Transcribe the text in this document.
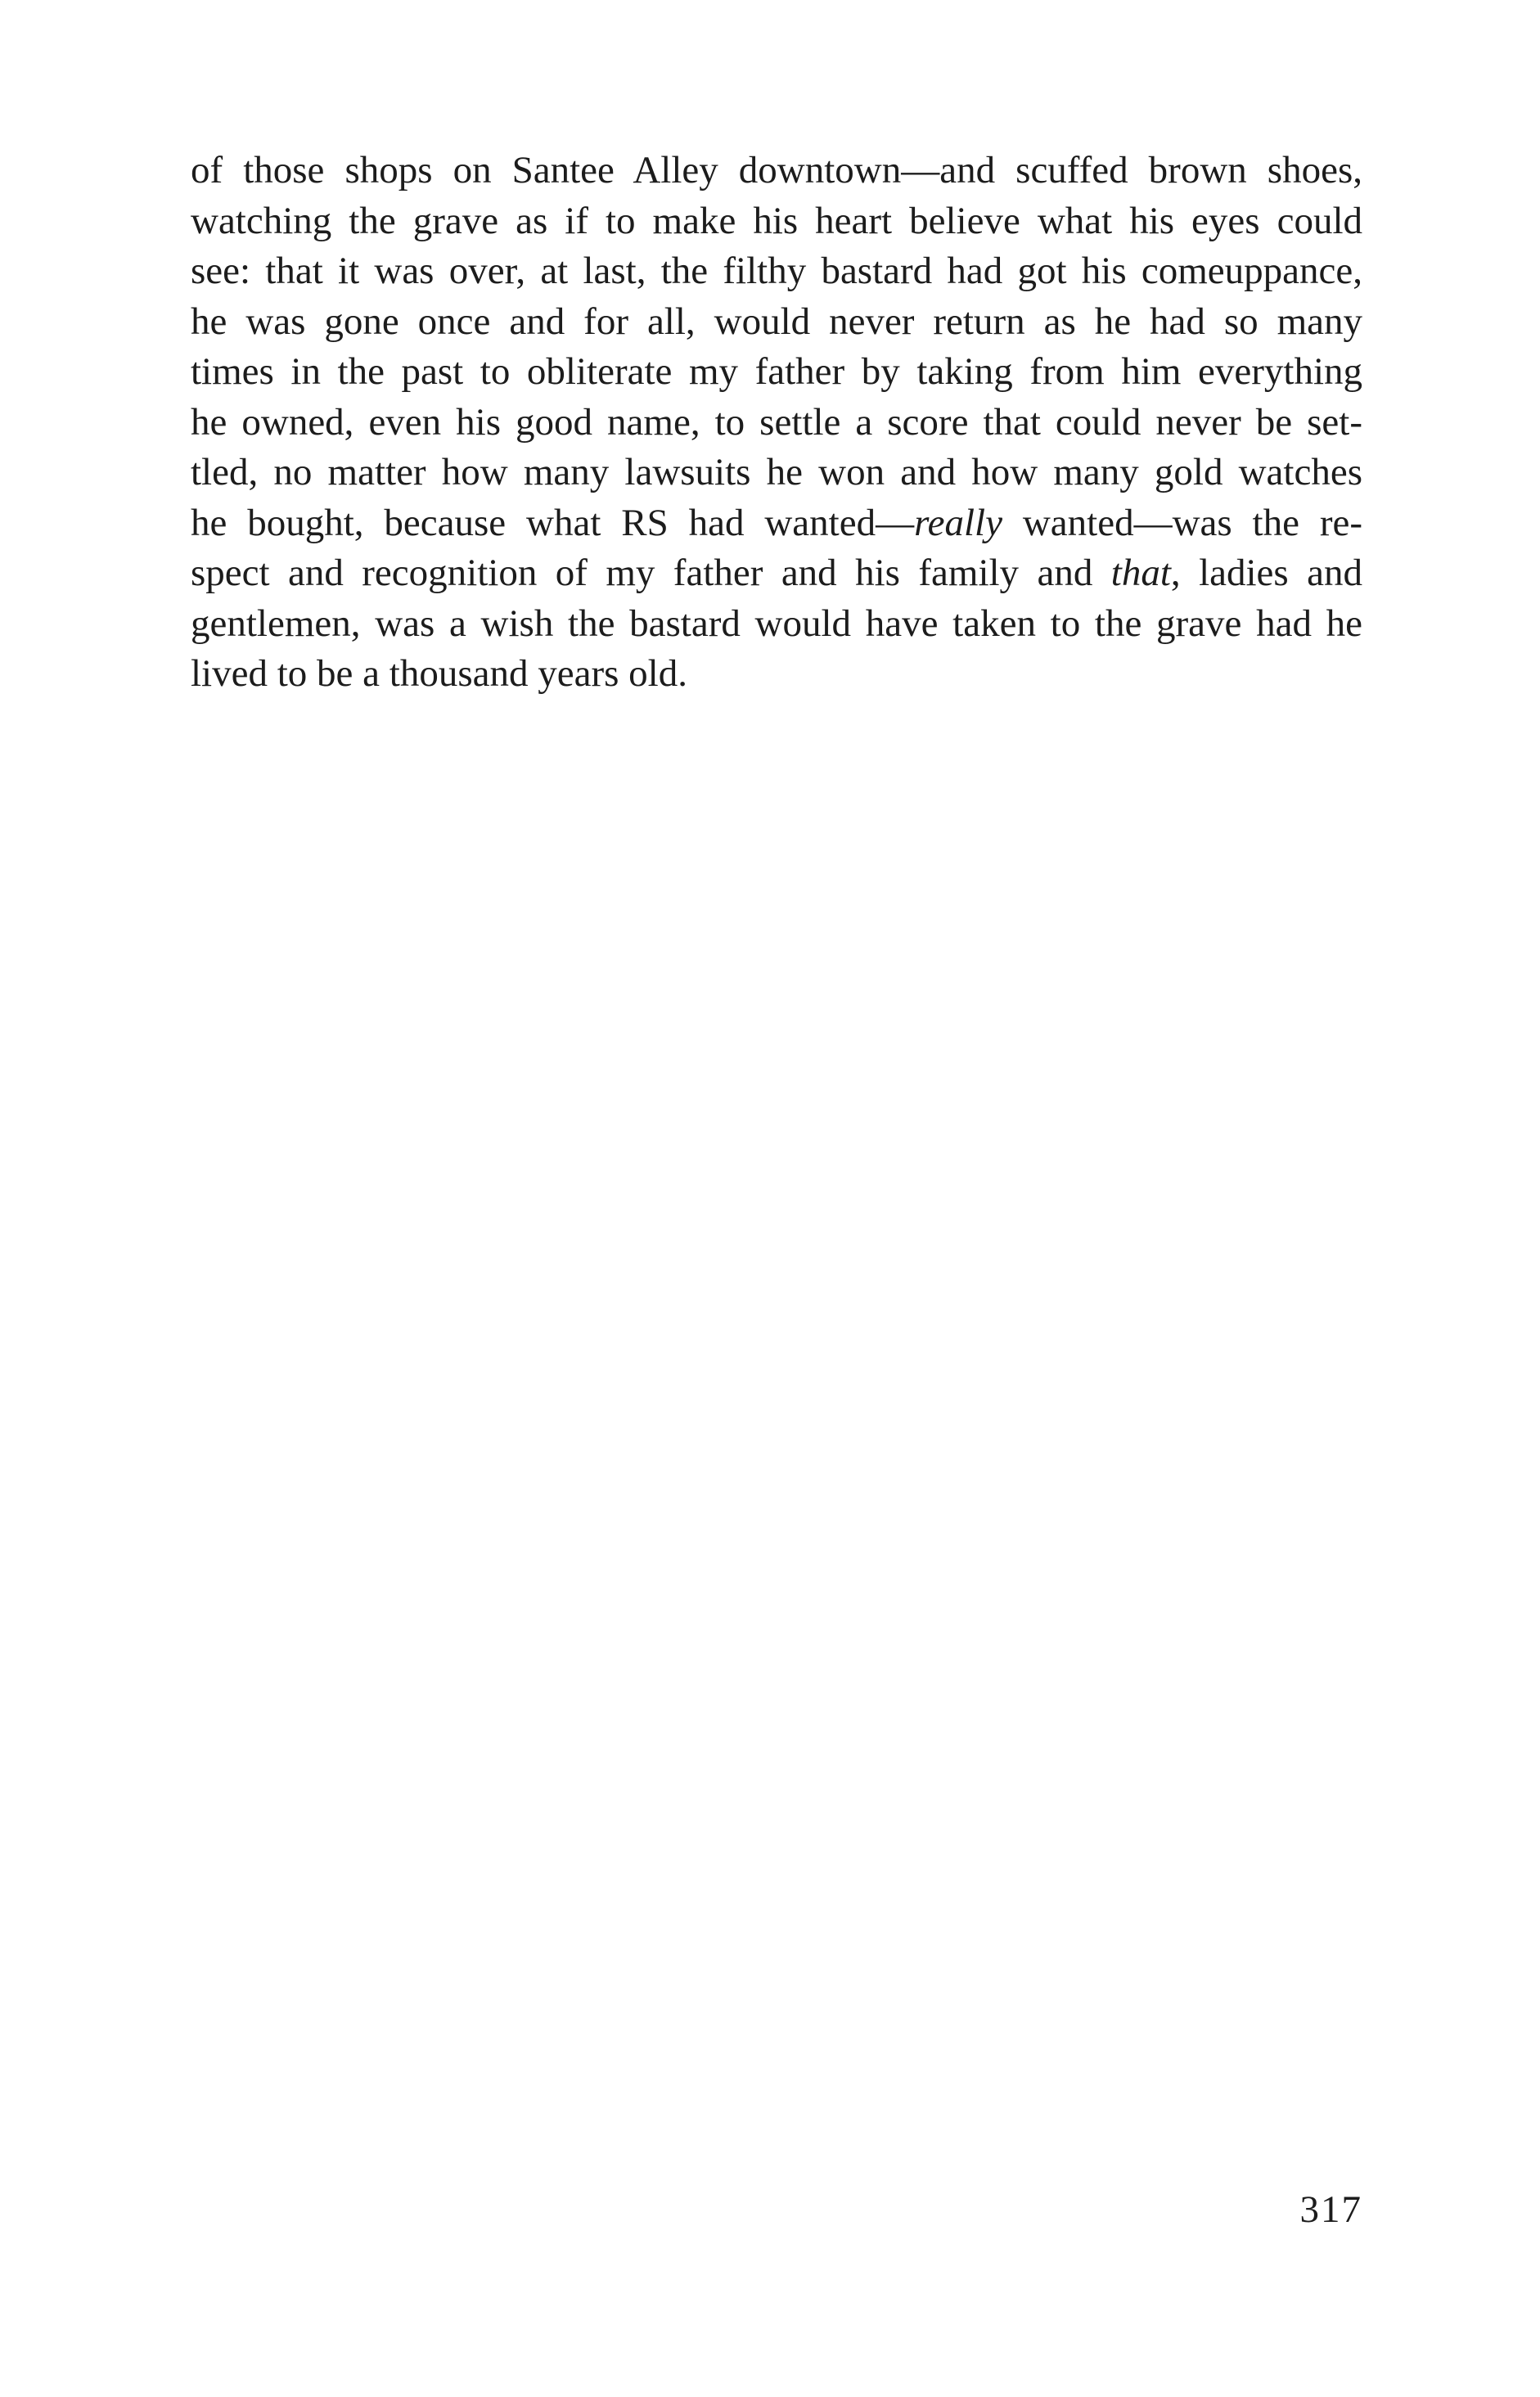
of those shops on Santee Alley downtown—and scuffed brown shoes,
watching the grave as if to make his heart believe what his eyes could
see: that it was over, at last, the filthy bastard had got his comeuppance,
he was gone once and for all, would never return as he had so many
times in the past to obliterate my father by taking from him everything
he owned, even his good name, to settle a score that could never be set-
tled, no matter how many lawsuits he won and how many gold watches
he bought, because what RS had wanted—really wanted—was the re-
spect and recognition of my father and his family and that, ladies and
gentlemen, was a wish the bastard would have taken to the grave had he
lived to be a thousand years old.
317
